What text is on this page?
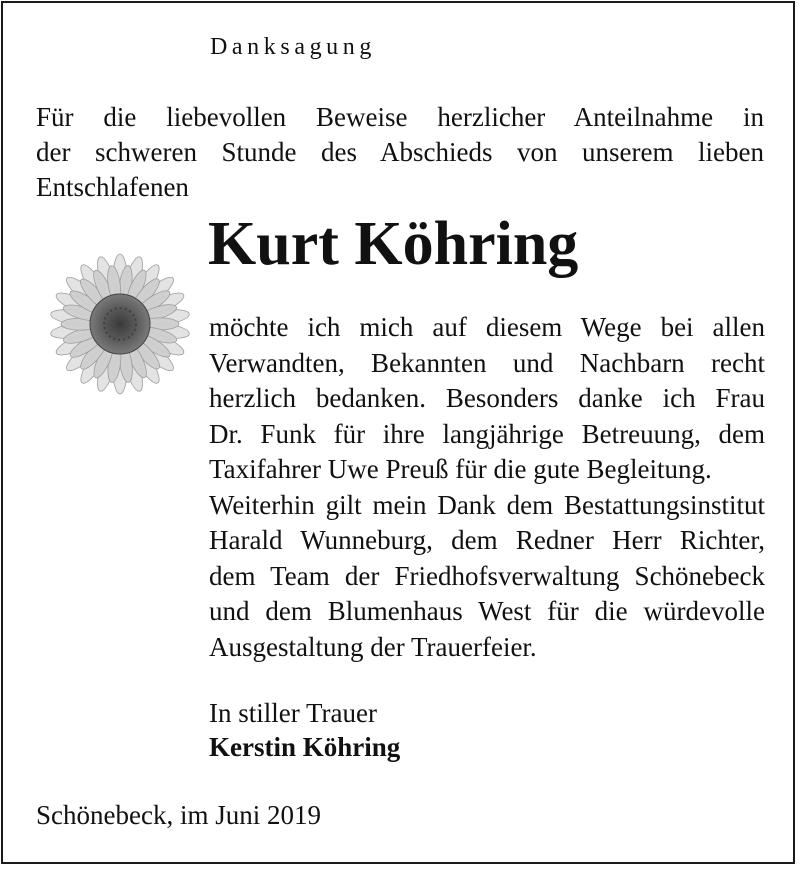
Danksagung
Für die liebevollen Beweise herzlicher Anteilnahme in
der schweren Stunde des Abschieds von unserem lieben
Entschlafenen
Kurt Köhring
möchte ich mich auf diesem Wege bei allen
Verwandten, Bekannten und Nachbarn recht
herzlich bedanken. Besonders danke ich Frau
Dr. Funk für ihre langjährige Betreuung, dem
Taxifahrer Uwe Preuß für die gute Begleitung.
Weiterhin gilt mein Dank dem Bestattungsinstitut
Harald Wunneburg, dem Redner Herr Richter,
dem Team der Friedhofsverwaltung Schönebeck
und dem Blumenhaus West für die würdevolle
Ausgestaltung der Trauerfeier.
In stiller Trauer
Kerstin Köhring
Schönebeck, im Juni 2019
